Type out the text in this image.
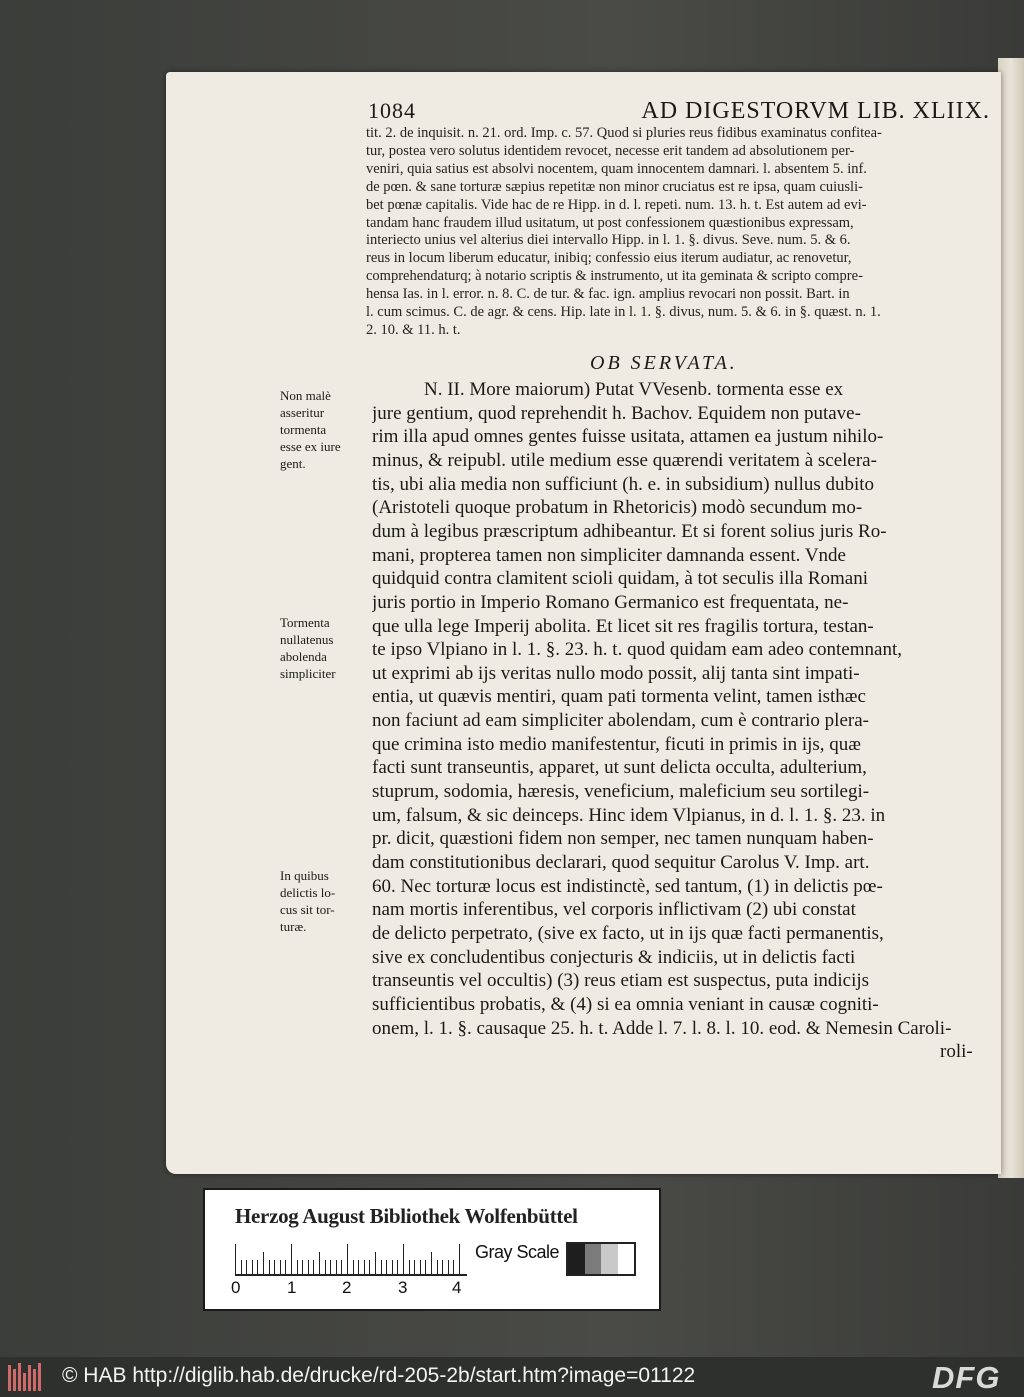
1084	AD DIGESTORVM LIB. XLIIX.
tit. 2. de inquisit. n. 21. ord. Imp. c. 57. Quod si pluries reus fidibus examinatus confitea-
tur, postea vero solutus identidem revocet, necesse erit tandem ad absolutionem per-
veniri, quia satius est absolvi nocentem, quam innocentem damnari. l. absentem 5. inf.
de pœn. & sane torturæ sæpius repetitæ non minor cruciatus est re ipsa, quam cuiusli-
bet pœnæ capitalis. Vide hac de re Hipp. in d. l. repeti. num. 13. h. t. Est autem ad evi-
tandam hanc fraudem illud usitatum, ut post confessionem quæstionibus expressam,
interiecto unius vel alterius diei intervallo Hipp. in l. 1. §. divus. Seve. num. 5. & 6.
reus in locum liberum educatur, inibiq; confessio eius iterum audiatur, ac renovetur,
comprehendaturq; à notario scriptis & instrumento, ut ita geminata & scripto compre-
hensa Ias. in l. error. n. 8. C. de tur. & fac. ign. amplius revocari non possit. Bart. in
l. cum scimus. C. de agr. & cens. Hip. late in l. 1. §. divus, num. 5. & 6. in §. quæst. n. 1.
2. 10. & 11. h. t.
OB SERVATA.
N. II. More maiorum) Putat VVesenb. tormenta esse ex
jure gentium, quod reprehendit h. Bachov. Equidem non putave-
rim illa apud omnes gentes fuisse usitata, attamen ea justum nihilo-
minus, & reipubl. utile medium esse quærendi veritatem à scelera-
tis, ubi alia media non sufficiunt (h. e. in subsidium) nullus dubito
(Aristoteli quoque probatum in Rhetoricis) modò secundum mo-
dum à legibus præscriptum adhibeantur. Et si forent solius juris Ro-
mani, propterea tamen non simpliciter damnanda essent. Vnde
quidquid contra clamitent scioli quidam, à tot seculis illa Romani
juris portio in Imperio Romano Germanico est frequentata, ne-
que ulla lege Imperij abolita. Et licet sit res fragilis tortura, testan-
te ipso Vlpiano in l. 1. §. 23. h. t. quod quidam eam adeo contemnant,
ut exprimi ab ijs veritas nullo modo possit, alij tanta sint impati-
entia, ut quævis mentiri, quam pati tormenta velint, tamen isthæc
non faciunt ad eam simpliciter abolendam, cum è contrario plera-
que crimina isto medio manifestentur, ficuti in primis in ijs, quæ
facti sunt transeuntis, apparet, ut sunt delicta occulta, adulterium,
stuprum, sodomia, hæresis, veneficium, maleficium seu sortilegi-
um, falsum, & sic deinceps. Hinc idem Vlpianus, in d. l. 1. §. 23. in
pr. dicit, quæstioni fidem non semper, nec tamen nunquam haben-
dam constitutionibus declarari, quod sequitur Carolus V. Imp. art.
60. Nec torturæ locus est indistinctè, sed tantum, (1) in delictis pœ-
nam mortis inferentibus, vel corporis inflictivam (2) ubi constat
de delicto perpetrato, (sive ex facto, ut in ijs quæ facti permanentis,
sive ex concludentibus conjecturis & indiciis, ut in delictis facti
transeuntis vel occultis) (3) reus etiam est suspectus, puta indicijs
sufficientibus probatis, & (4) si ea omnia veniant in causæ cogniti-
onem, l. 1. §. causaque 25. h. t. Adde l. 7. l. 8. l. 10. eod. & Nemesin Caroli-
roli-
Non malè
asseritur
tormenta
esse ex iure
gent.
Tormenta
nullatenus
abolenda
simpliciter
In quibus
delictis lo-
cus sit tor-
turæ.
Herzog August Bibliothek Wolfenbüttel
0	1	2	3	4
Gray Scale
© HAB http://diglib.hab.de/drucke/rd-205-2b/start.htm?image=01122	DFG
